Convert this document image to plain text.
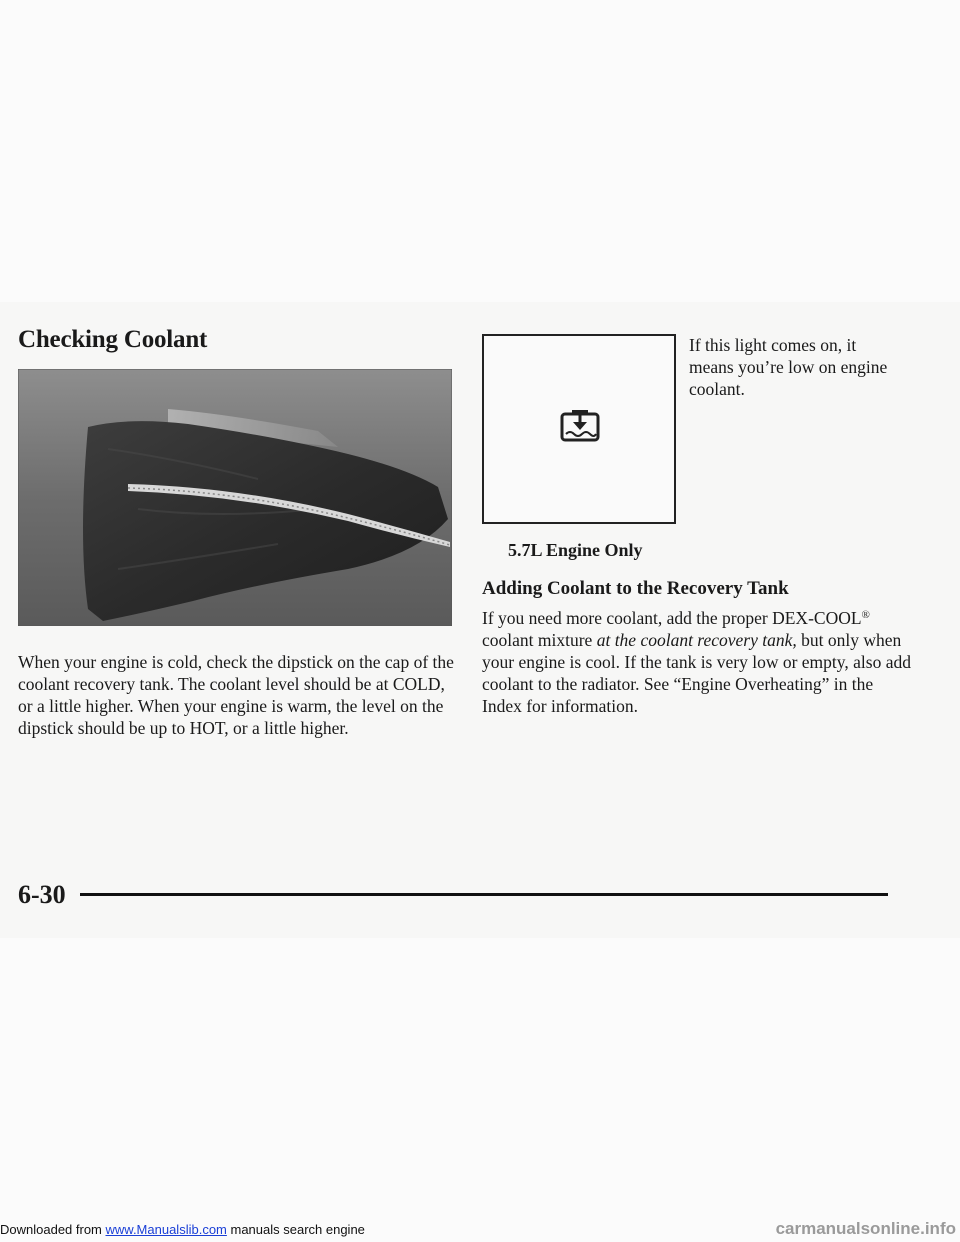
Checking Coolant

When your engine is cold, check the dipstick on the cap of the coolant recovery tank. The coolant level should be at COLD, or a little higher. When your engine is warm, the level on the dipstick should be up to HOT, or a little higher.

If this light comes on, it means you’re low on engine coolant.

5.7L Engine Only

Adding Coolant to the Recovery Tank

If you need more coolant, add the proper DEX-COOL® coolant mixture at the coolant recovery tank, but only when your engine is cool. If the tank is very low or empty, also add coolant to the radiator. See “Engine Overheating” in the Index for information.

6-30

Downloaded from www.Manualslib.com manuals search engine	carmanualsonline.info
